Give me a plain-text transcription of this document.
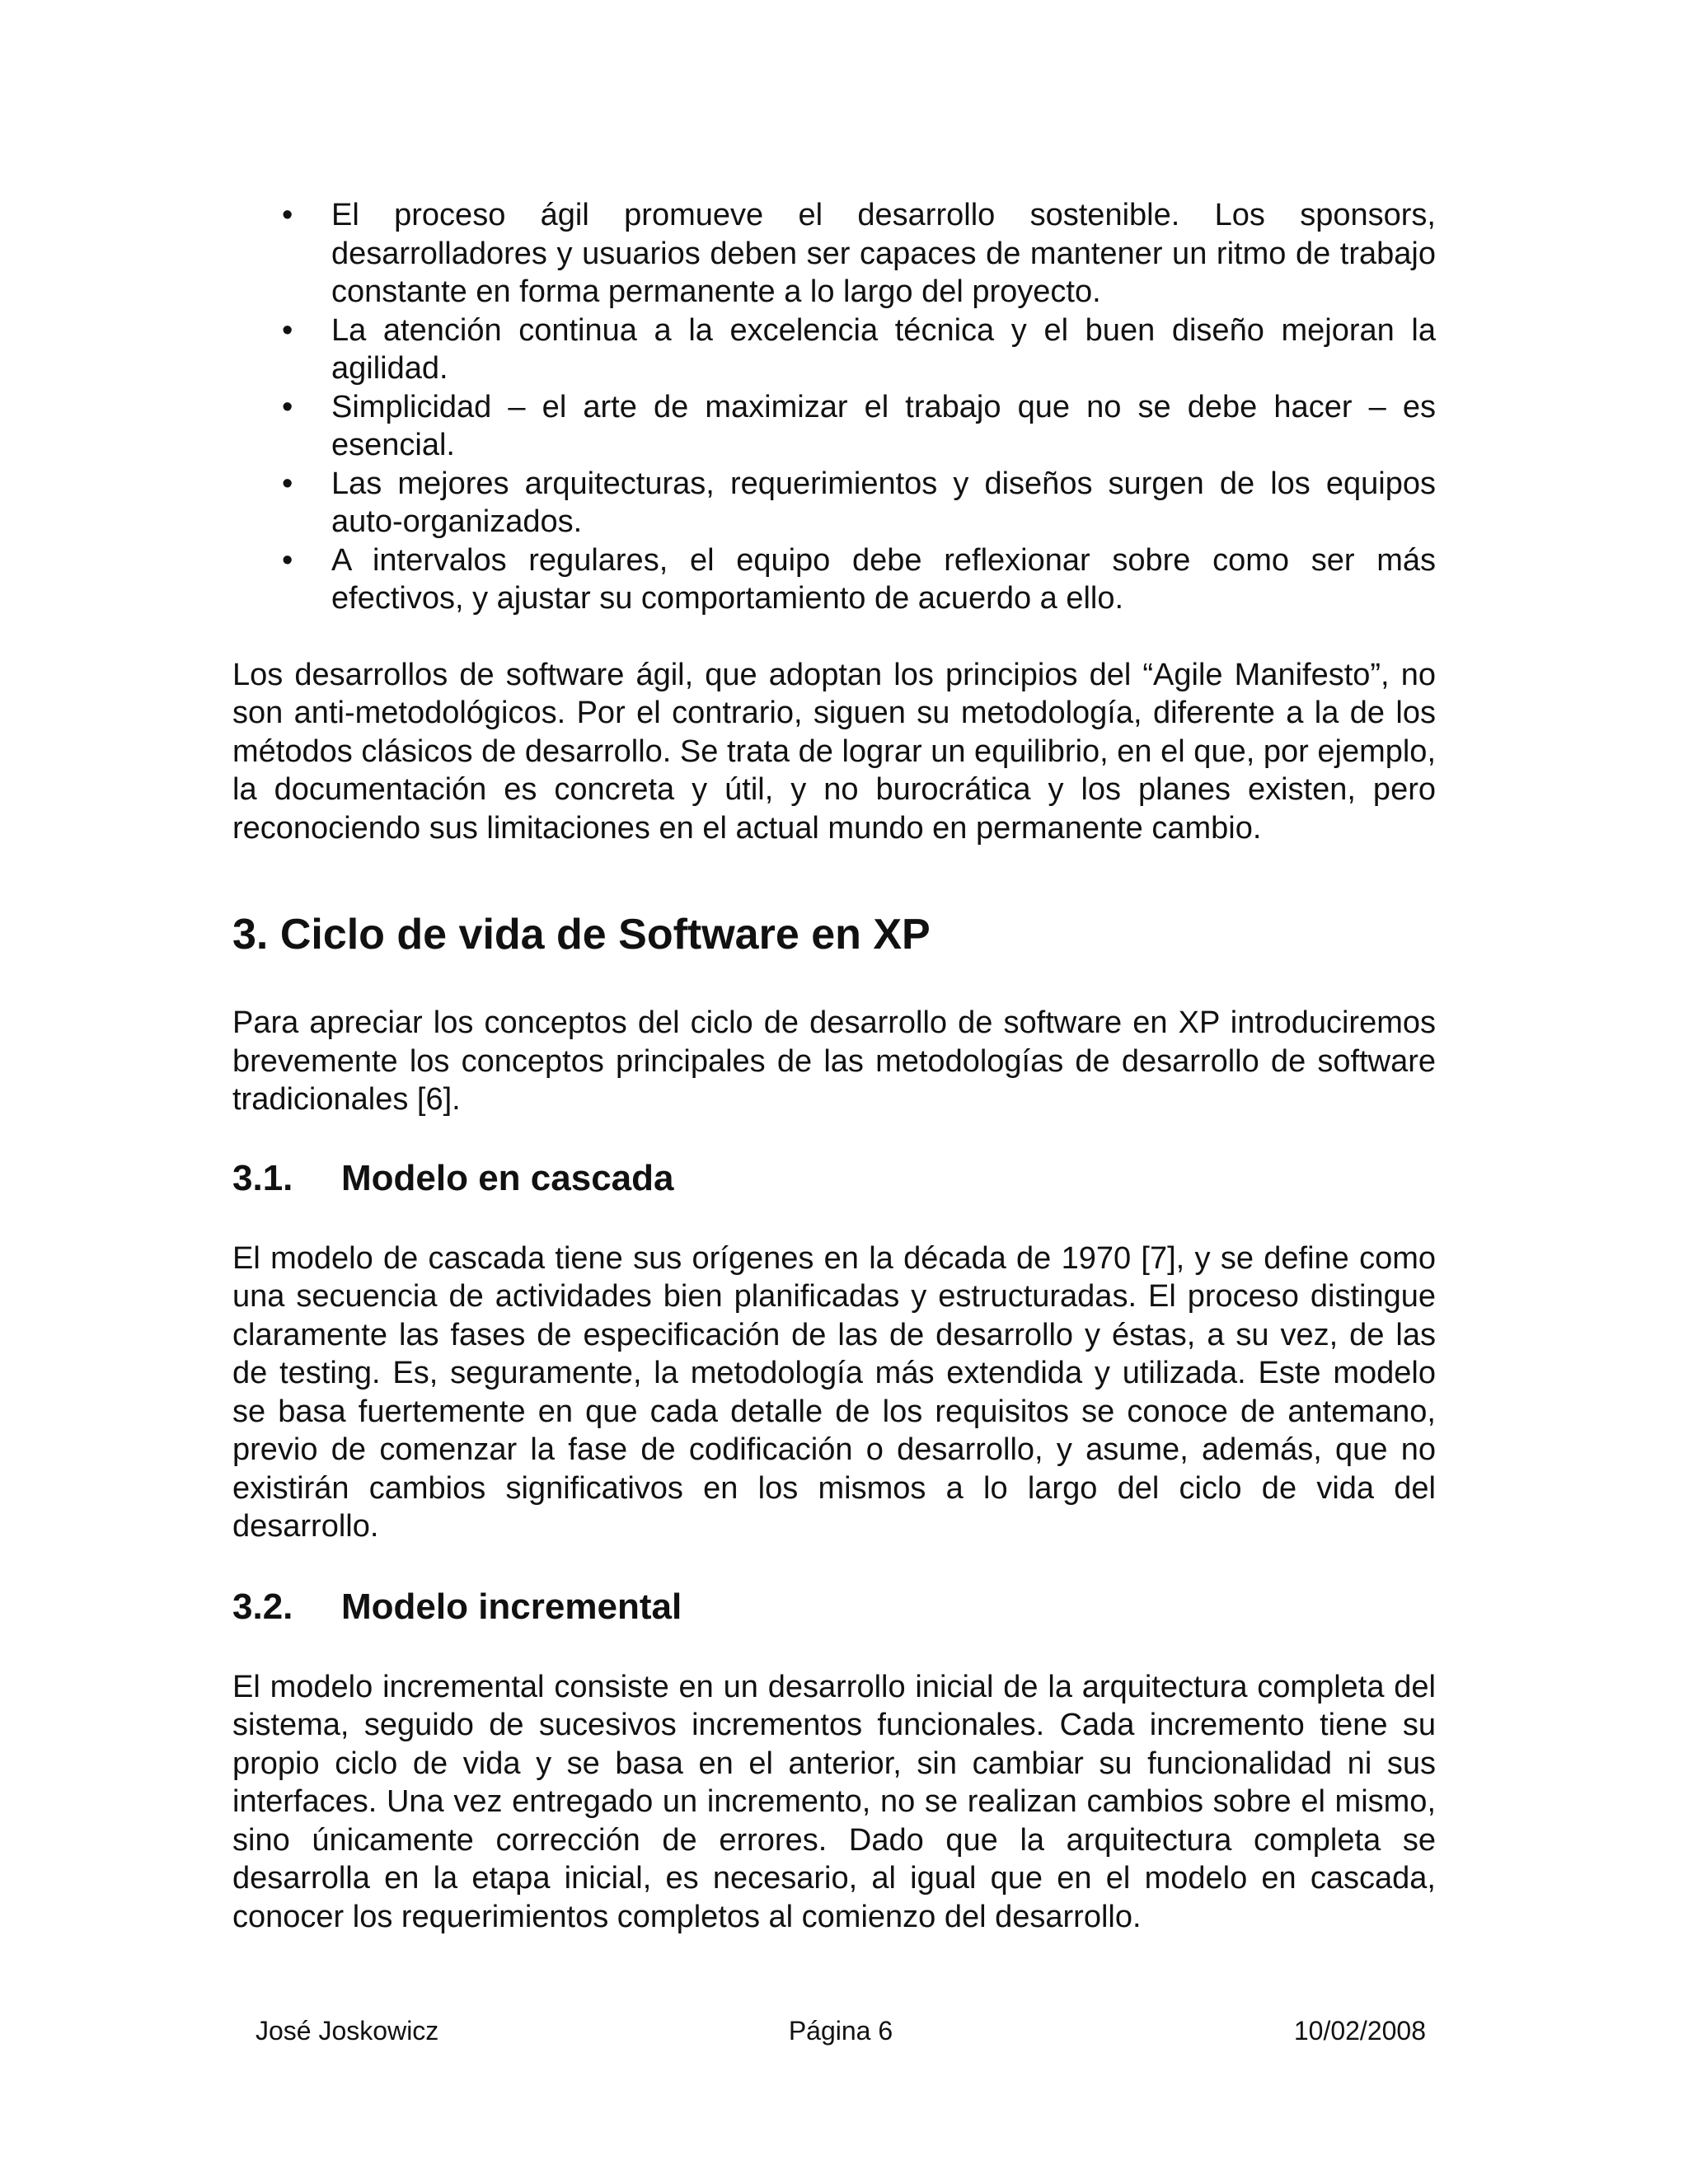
• El proceso ágil promueve el desarrollo sostenible. Los sponsors, desarrolladores y usuarios deben ser capaces de mantener un ritmo de trabajo constante en forma permanente a lo largo del proyecto.
• La atención continua a la excelencia técnica y el buen diseño mejoran la agilidad.
• Simplicidad – el arte de maximizar el trabajo que no se debe hacer – es esencial.
• Las mejores arquitecturas, requerimientos y diseños surgen de los equipos auto-organizados.
• A intervalos regulares, el equipo debe reflexionar sobre como ser más efectivos, y ajustar su comportamiento de acuerdo a ello.

Los desarrollos de software ágil, que adoptan los principios del “Agile Manifesto”, no son anti-metodológicos. Por el contrario, siguen su metodología, diferente a la de los métodos clásicos de desarrollo. Se trata de lograr un equilibrio, en el que, por ejemplo, la documentación es concreta y útil, y no burocrática y los planes existen, pero reconociendo sus limitaciones en el actual mundo en permanente cambio.

3. Ciclo de vida de Software en XP

Para apreciar los conceptos del ciclo de desarrollo de software en XP introduciremos brevemente los conceptos principales de las metodologías de desarrollo de software tradicionales [6].

3.1.	Modelo en cascada

El modelo de cascada tiene sus orígenes en la década de 1970 [7], y se define como una secuencia de actividades bien planificadas y estructuradas. El proceso distingue claramente las fases de especificación de las de desarrollo y éstas, a su vez, de las de testing. Es, seguramente, la metodología más extendida y utilizada. Este modelo se basa fuertemente en que cada detalle de los requisitos se conoce de antemano, previo de comenzar la fase de codificación o desarrollo, y asume, además, que no existirán cambios significativos en los mismos a lo largo del ciclo de vida del desarrollo.

3.2.	Modelo incremental

El modelo incremental consiste en un desarrollo inicial de la arquitectura completa del sistema, seguido de sucesivos incrementos funcionales. Cada incremento tiene su propio ciclo de vida y se basa en el anterior, sin cambiar su funcionalidad ni sus interfaces. Una vez entregado un incremento, no se realizan cambios sobre el mismo, sino únicamente corrección de errores. Dado que la arquitectura completa se desarrolla en la etapa inicial, es necesario, al igual que en el modelo en cascada, conocer los requerimientos completos al comienzo del desarrollo.

José Joskowicz	Página 6	10/02/2008
